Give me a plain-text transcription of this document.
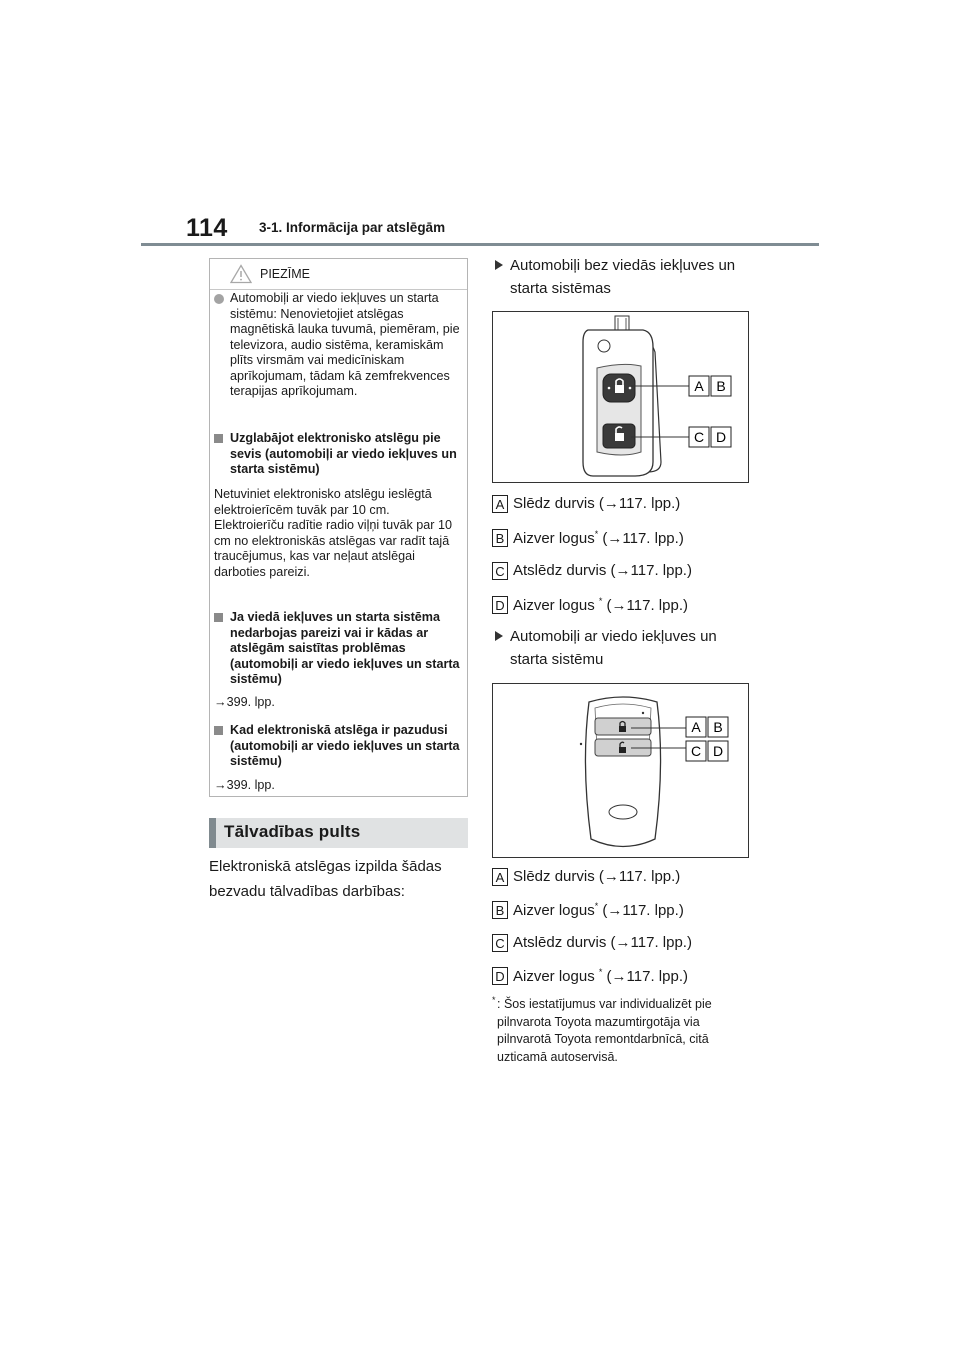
114 3-1. Informācija par atslēgām
PIEZĪME

Automobiļi ar viedo iekļuves un starta sistēmu: Nenovietojiet atslēgas magnētiskā lauka tuvumā, piemēram, pie televizora, audio sistēma, keramiskām plīts virsmām vai medicīniskam aprīkojumam, tādam kā zemfrekvences terapijas aprīkojumam.

Uzglabājot elektronisko atslēgu pie sevis (automobiļi ar viedo iekļuves un starta sistēmu)

Netuviniet elektronisko atslēgu ieslēgtā elektroierīcēm tuvāk par 10 cm. Elektroierīču radītie radio viļņi tuvāk par 10 cm no elektroniskās atslēgas var radīt tajā traucējumus, kas var neļaut atslēgai darboties pareizi.

Ja viedā iekļuves un starta sistēma nedarbojas pareizi vai ir kādas ar atslēgām saistītas problēmas (automobiļi ar viedo iekļuves un starta sistēmu)

→399. lpp.

Kad elektroniskā atslēga ir pazudusi (automobiļi ar viedo iekļuves un starta sistēmu)

→399. lpp.

Tālvadības pults
Elektroniskā atslēgas izpilda šādas bezvadu tālvadības darbības:
Automobiļi bez viedās iekļuves un starta sistēmas
A B
C D
A Slēdz durvis (→117. lpp.)
B Aizver logus* (→117. lpp.)
C Atslēdz durvis (→117. lpp.)
D Aizver logus * (→117. lpp.)
Automobiļi ar viedo iekļuves un starta sistēmu
A B
C D
A Slēdz durvis (→117. lpp.)
B Aizver logus* (→117. lpp.)
C Atslēdz durvis (→117. lpp.)
D Aizver logus * (→117. lpp.)
* : Šos iestatījumus var individualizēt pie pilnvarota Toyota mazumtirgotāja via pilnvarotā Toyota remontdarbnīcā, citā uzticamā autoservisā.
